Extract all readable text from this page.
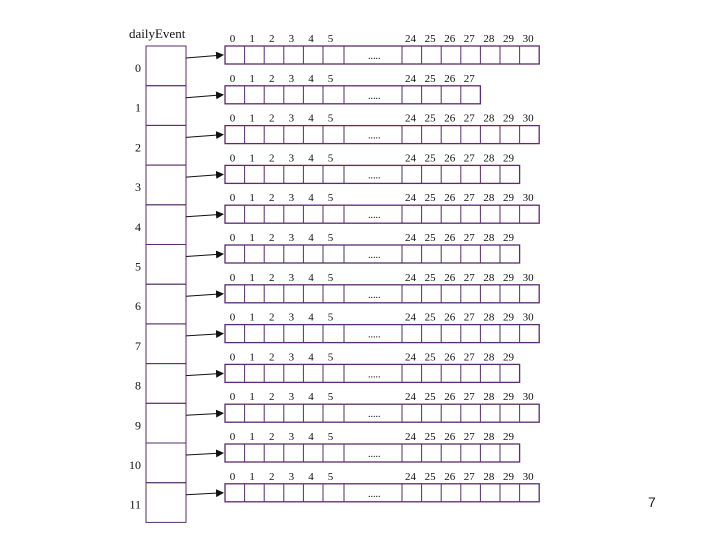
dailyEvent
0
1
2
3
4
5
6
7
8
9
10
11
0 1 2 3 4 5
.....
24 25 26 27 28 29 30
0 1 2 3 4 5
.....
24 25 26 27
0 1 2 3 4 5
.....
24 25 26 27 28 29 30
0 1 2 3 4 5
.....
24 25 26 27 28 29
0 1 2 3 4 5
.....
24 25 26 27 28 29 30
0 1 2 3 4 5
.....
24 25 26 27 28 29
0 1 2 3 4 5
.....
24 25 26 27 28 29 30
0 1 2 3 4 5
.....
24 25 26 27 28 29 30
0 1 2 3 4 5
.....
24 25 26 27 28 29
0 1 2 3 4 5
.....
24 25 26 27 28 29 30
0 1 2 3 4 5
.....
24 25 26 27 28 29
0 1 2 3 4 5
.....
24 25 26 27 28 29 30
7
